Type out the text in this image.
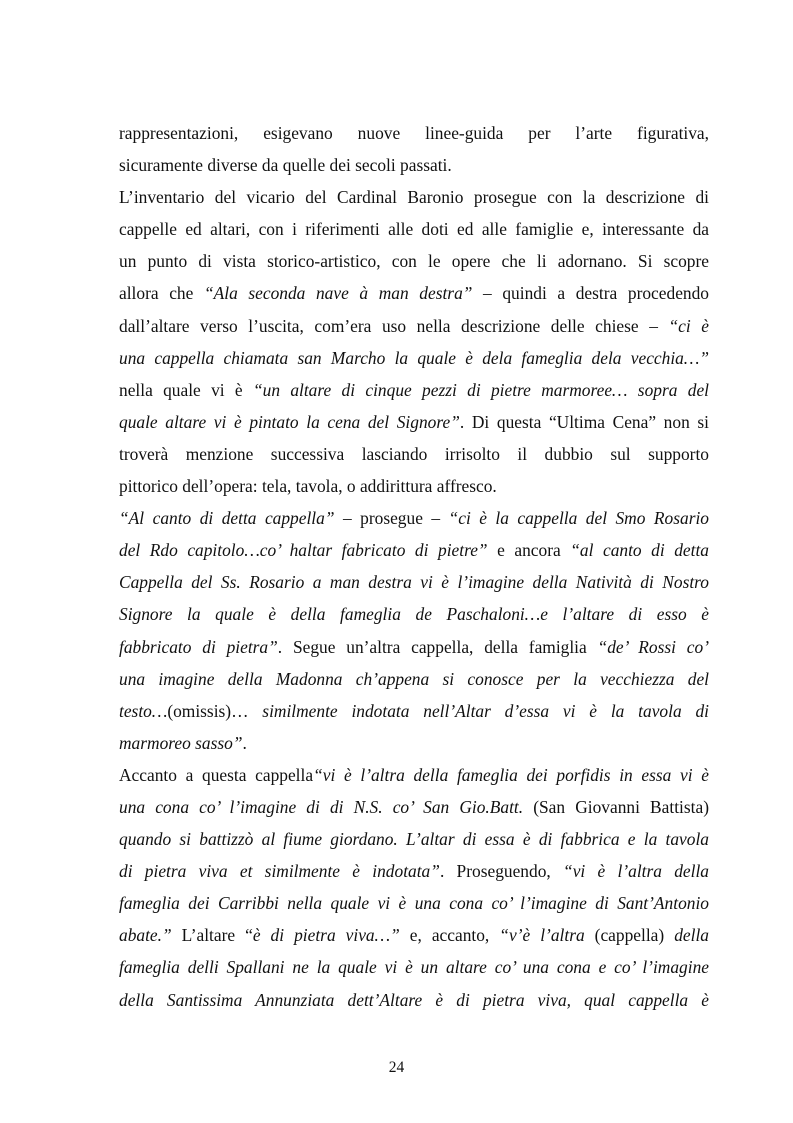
rappresentazioni, esigevano nuove linee-guida per l’arte figurativa,
sicuramente diverse da quelle dei secoli passati.
L’inventario del vicario del Cardinal Baronio prosegue con la descrizione di
cappelle ed altari, con i riferimenti alle doti ed alle famiglie e, interessante da
un punto di vista storico-artistico, con le opere che li adornano. Si scopre
allora che “Ala seconda nave à man destra” – quindi a destra procedendo
dall’altare verso l’uscita, com’era uso nella descrizione delle chiese – “ci è
una cappella chiamata san Marcho la quale è dela fameglia dela vecchia…”
nella quale vi è “un altare di cinque pezzi di pietre marmoree… sopra del
quale altare vi è pintato la cena del Signore”. Di questa “Ultima Cena” non si
troverà menzione successiva lasciando irrisolto il dubbio sul supporto
pittorico dell’opera: tela, tavola, o addirittura affresco.
“Al canto di detta cappella” – prosegue – “ci è la cappella del Smo Rosario
del Rdo capitolo…co’ haltar fabricato di pietre” e ancora “al canto di detta
Cappella del Ss. Rosario a man destra vi è l’imagine della Natività di Nostro
Signore la quale è della fameglia de Paschaloni…e l’altare di esso è
fabbricato di pietra”. Segue un’altra cappella, della famiglia “de’ Rossi co’
una imagine della Madonna ch’appena si conosce per la vecchiezza del
testo…(omissis)… similmente indotata nell’Altar d’essa vi è la tavola di
marmoreo sasso”.
Accanto a questa cappella“vi è l’altra della fameglia dei porfidis in essa vi è
una cona co’ l’imagine di di N.S. co’ San Gio.Batt. (San Giovanni Battista)
quando si battizzò al fiume giordano. L’altar di essa è di fabbrica e la tavola
di pietra viva et similmente è indotata”. Proseguendo, “vi è l’altra della
fameglia dei Carribbi nella quale vi è una cona co’ l’imagine di Sant’Antonio
abate.” L’altare “è di pietra viva…” e, accanto, “v’è l’altra (cappella) della
fameglia delli Spallani ne la quale vi è un altare co’ una cona e co’ l’imagine
della Santissima Annunziata dett’Altare è di pietra viva, qual cappella è
24
